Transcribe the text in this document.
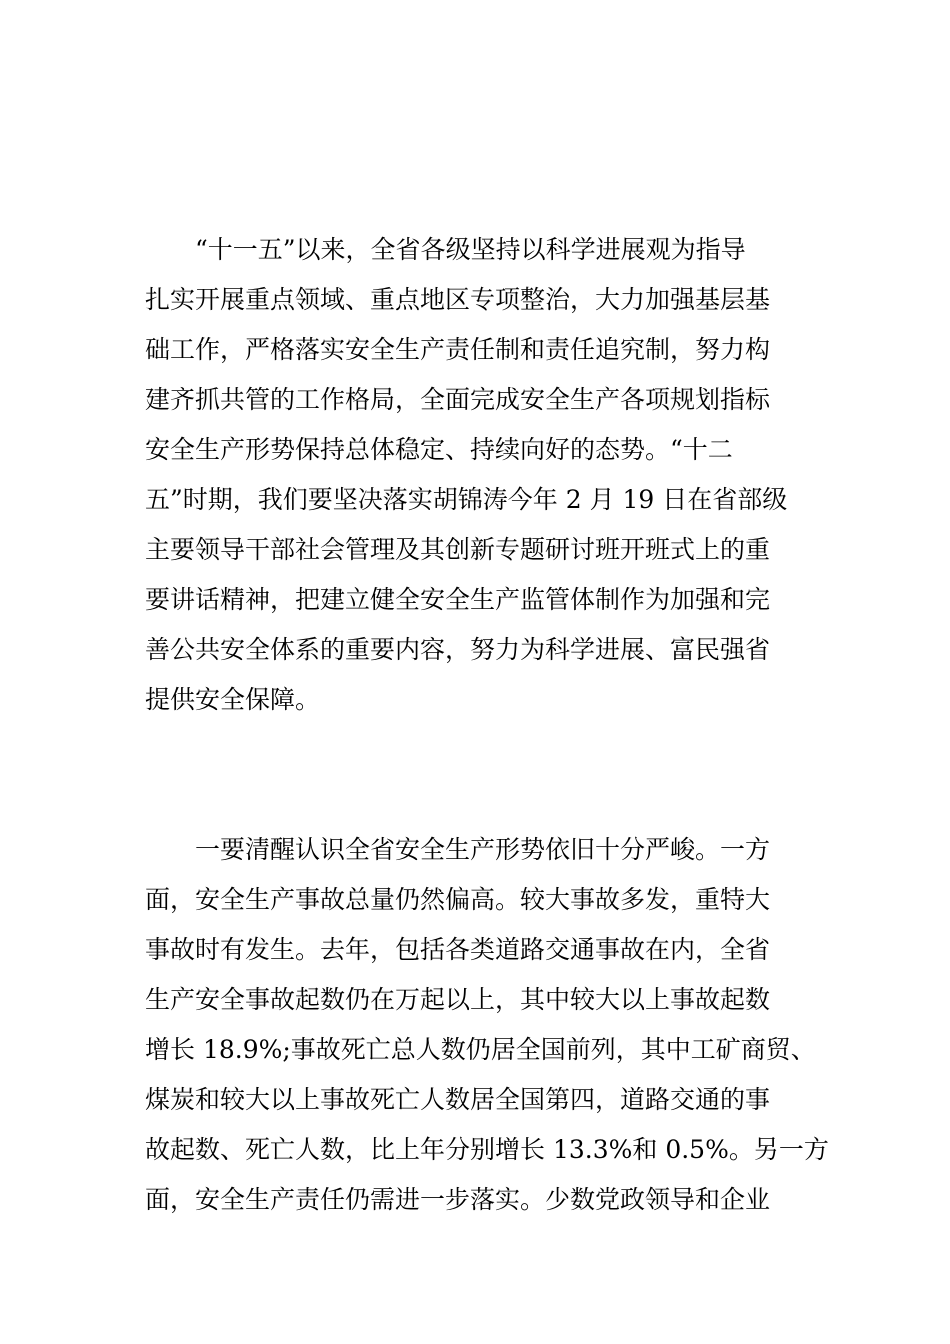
　　“十一五”以来，全省各级坚持以科学进展观为指导
扎实开展重点领域、重点地区专项整治，大力加强基层基
础工作，严格落实安全生产责任制和责任追究制，努力构
建齐抓共管的工作格局，全面完成安全生产各项规划指标
安全生产形势保持总体稳定、持续向好的态势。“十二
五”时期，我们要坚决落实胡锦涛今年 2 月 19 日在省部级
主要领导干部社会管理及其创新专题研讨班开班式上的重
要讲话精神，把建立健全安全生产监管体制作为加强和完
善公共安全体系的重要内容，努力为科学进展、富民强省
提供安全保障。
　　一要清醒认识全省安全生产形势依旧十分严峻。一方
面，安全生产事故总量仍然偏高。较大事故多发，重特大
事故时有发生。去年，包括各类道路交通事故在内，全省
生产安全事故起数仍在万起以上，其中较大以上事故起数
增长 18.9%;事故死亡总人数仍居全国前列，其中工矿商贸、
煤炭和较大以上事故死亡人数居全国第四，道路交通的事
故起数、死亡人数，比上年分别增长 13.3%和 0.5%。另一方
面，安全生产责任仍需进一步落实。少数党政领导和企业
